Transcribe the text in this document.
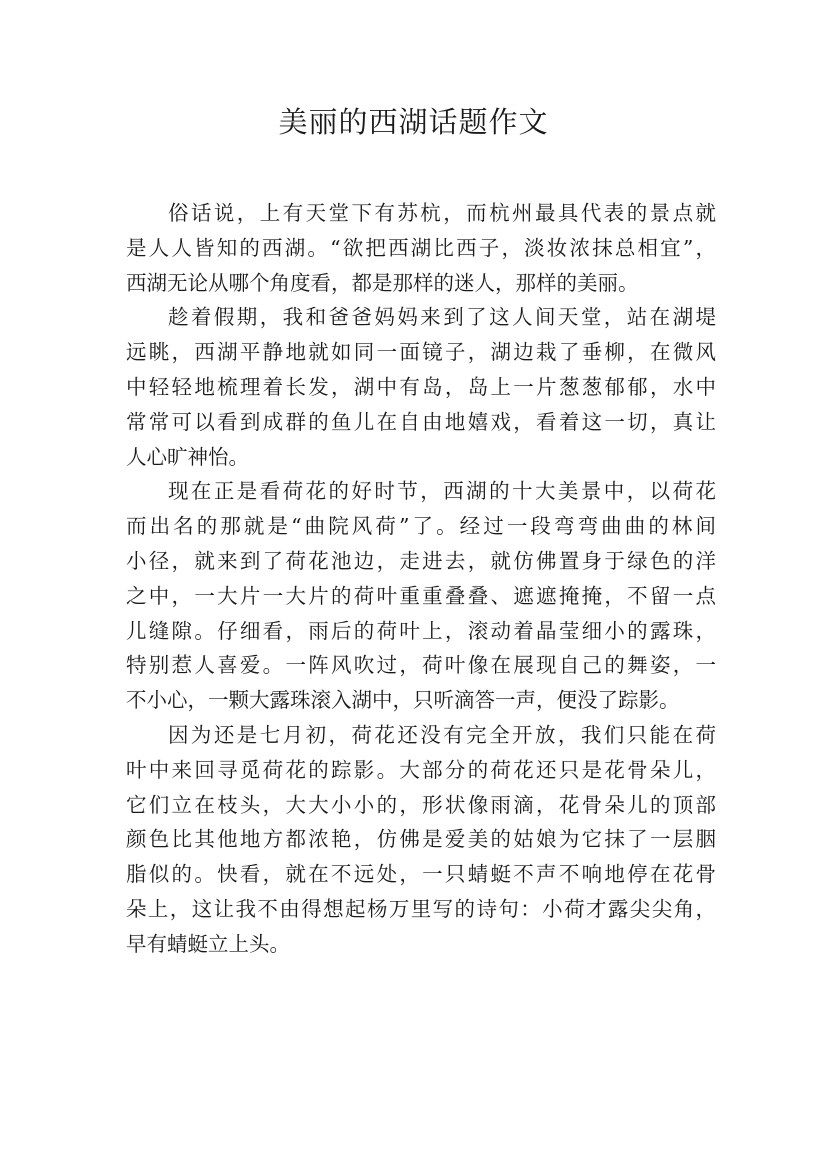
美丽的西湖话题作文
俗话说，上有天堂下有苏杭，而杭州最具代表的景点就
是人人皆知的西湖。“欲把西湖比西子，淡妆浓抹总相宜”，
西湖无论从哪个角度看，都是那样的迷人，那样的美丽。
趁着假期，我和爸爸妈妈来到了这人间天堂，站在湖堤
远眺，西湖平静地就如同一面镜子，湖边栽了垂柳，在微风
中轻轻地梳理着长发，湖中有岛，岛上一片葱葱郁郁，水中
常常可以看到成群的鱼儿在自由地嬉戏，看着这一切，真让
人心旷神怡。
现在正是看荷花的好时节，西湖的十大美景中，以荷花
而出名的那就是“曲院风荷”了。经过一段弯弯曲曲的林间
小径，就来到了荷花池边，走进去，就仿佛置身于绿色的洋
之中，一大片一大片的荷叶重重叠叠、遮遮掩掩，不留一点
儿缝隙。仔细看，雨后的荷叶上，滚动着晶莹细小的露珠，
特别惹人喜爱。一阵风吹过，荷叶像在展现自己的舞姿，一
不小心，一颗大露珠滚入湖中，只听滴答一声，便没了踪影。
因为还是七月初，荷花还没有完全开放，我们只能在荷
叶中来回寻觅荷花的踪影。大部分的荷花还只是花骨朵儿，
它们立在枝头，大大小小的，形状像雨滴，花骨朵儿的顶部
颜色比其他地方都浓艳，仿佛是爱美的姑娘为它抹了一层胭
脂似的。快看，就在不远处，一只蜻蜓不声不响地停在花骨
朵上，这让我不由得想起杨万里写的诗句：小荷才露尖尖角，
早有蜻蜓立上头。
